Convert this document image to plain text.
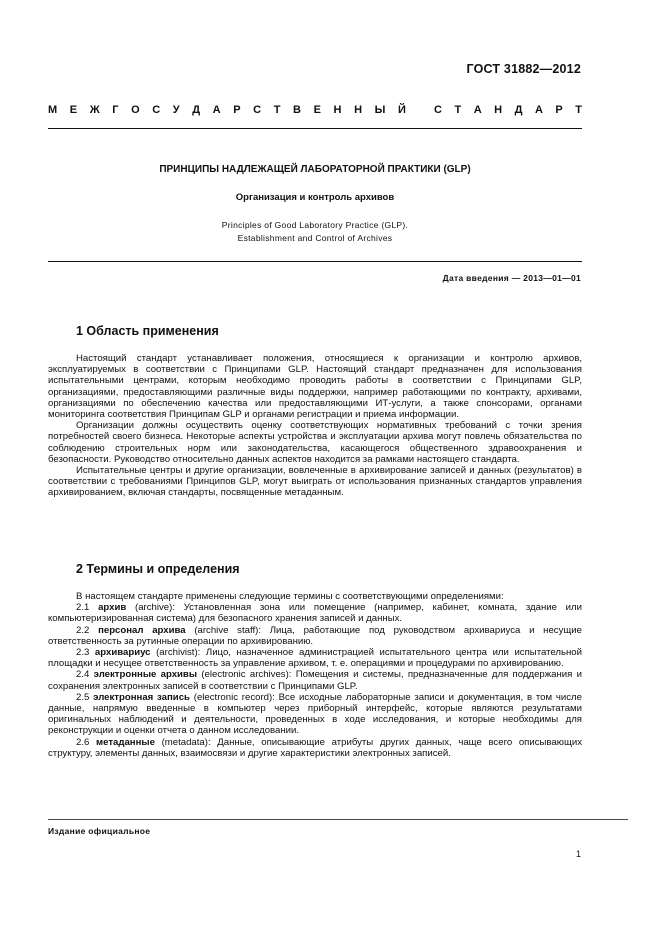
ГОСТ 31882—2012
М Е Ж Г О С У Д А Р С Т В Е Н Н Ы Й	С Т А Н Д А Р Т
ПРИНЦИПЫ НАДЛЕЖАЩЕЙ ЛАБОРАТОРНОЙ ПРАКТИКИ (GLP)
Организация и контроль архивов
Principles of Good Laboratory Practice (GLP).
Establishment and Control of Archives
Дата введения — 2013—01—01
1 Область применения

Настоящий стандарт устанавливает положения, относящиеся к организации и контролю архивов, эксплуатируемых в соответствии с Принципами GLP. Настоящий стандарт предназначен для использования испытательными центрами, которым необходимо проводить работы в соответствии с Принципами GLP, организациями, предоставляющими различные виды поддержки, например работающими по контракту, архивами, организациями по обеспечению качества или предоставляющими ИТ-услуги, а также спонсорами, органами мониторинга соответствия Принципам GLP и органами регистрации и приема информации.

Организации должны осуществить оценку соответствующих нормативных требований с точки зрения потребностей своего бизнеса. Некоторые аспекты устройства и эксплуатации архива могут повлечь обязательства по соблюдению строительных норм или законодательства, касающегося общественного здравоохранения и безопасности. Руководство относительно данных аспектов находится за рамками настоящего стандарта.

Испытательные центры и другие организации, вовлеченные в архивирование записей и данных (результатов) в соответствии с требованиями Принципов GLP, могут выиграть от использования признанных стандартов управления архивированием, включая стандарты, посвященные метаданным.

2 Термины и определения

В настоящем стандарте применены следующие термины с соответствующими определениями:

2.1 архив (archive): Установленная зона или помещение (например, кабинет, комната, здание или компьютеризированная система) для безопасного хранения записей и данных.

2.2 персонал архива (archive staff): Лица, работающие под руководством архивариуса и несущие ответственность за рутинные операции по архивированию.

2.3 архивариус (archivist): Лицо, назначенное администрацией испытательного центра или испытательной площадки и несущее ответственность за управление архивом, т. е. операциями и процедурами по архивированию.

2.4 электронные архивы (electronic archives): Помещения и системы, предназначенные для поддержания и сохранения электронных записей в соответствии с Принципами GLP.

2.5 электронная запись (electronic record): Все исходные лабораторные записи и документация, в том числе данные, напрямую введенные в компьютер через приборный интерфейс, которые являются результатами оригинальных наблюдений и деятельности, проведенных в ходе исследования, и которые необходимы для реконструкции и оценки отчета о данном исследовании.

2.6 метаданные (metadata): Данные, описывающие атрибуты других данных, чаще всего описывающих структуру, элементы данных, взаимосвязи и другие характеристики электронных записей.

Издание официальное
1
